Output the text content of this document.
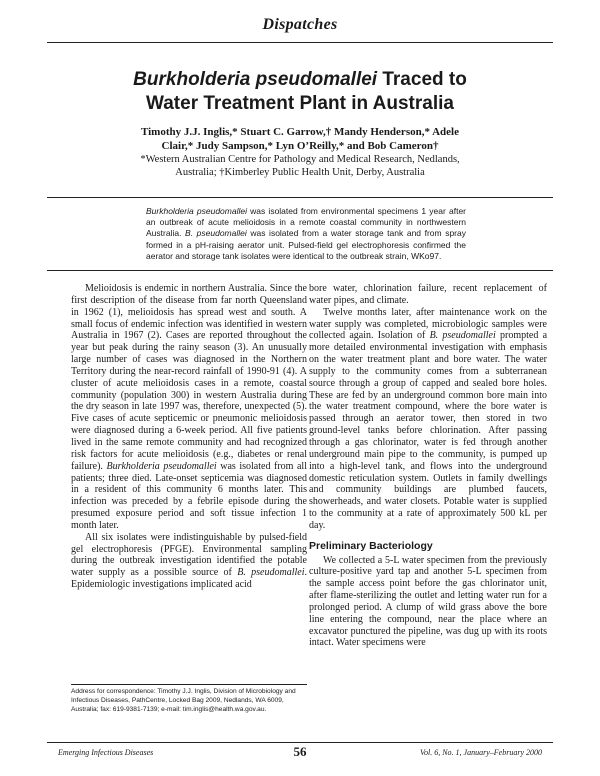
Dispatches
Burkholderia pseudomallei Traced to
Water Treatment Plant in Australia
Timothy J.J. Inglis,* Stuart C. Garrow,† Mandy Henderson,* Adele
Clair,* Judy Sampson,* Lyn O’Reilly,* and Bob Cameron†
*Western Australian Centre for Pathology and Medical Research, Nedlands,
Australia; †Kimberley Public Health Unit, Derby, Australia

Burkholderia pseudomallei was isolated from environmental specimens 1 year after an outbreak of acute melioidosis in a remote coastal community in northwestern Australia. B. pseudomallei was isolated from a water storage tank and from spray formed in a pH-raising aerator unit. Pulsed-field gel electrophoresis confirmed the aerator and storage tank isolates were identical to the outbreak strain, WKo97.

Melioidosis is endemic in northern Australia. Since the first description of the disease from far north Queensland in 1962 (1), melioidosis has spread west and south. A small focus of endemic infection was identified in western Australia in 1967 (2). Cases are reported throughout the year but peak during the rainy season (3). An unusually large number of cases was diagnosed in the Northern Territory during the near-record rainfall of 1990-91 (4). A cluster of acute melioidosis cases in a remote, coastal community (population 300) in western Australia during the dry season in late 1997 was, therefore, unexpected (5). Five cases of acute septicemic or pneumonic melioidosis were diagnosed during a 6-week period. All five patients lived in the same remote community and had recognized risk factors for acute melioidosis (e.g., diabetes or renal failure). Burkholderia pseudomallei was isolated from all patients; three died. Late-onset septicemia was diagnosed in a resident of this community 6 months later. This infection was preceded by a febrile episode during the presumed exposure period and soft tissue infection 1 month later.

All six isolates were indistinguishable by pulsed-field gel electrophoresis (PFGE). Environmental sampling during the outbreak investigation identified the potable water supply as a possible source of B. pseudomallei. Epidemiologic investigations implicated acid

bore water, chlorination failure, recent replacement of water pipes, and climate.

Twelve months later, after maintenance work on the water supply was completed, microbiologic samples were collected again. Isolation of B. pseudomallei prompted a more detailed environmental investigation with emphasis on the water treatment plant and bore water. The water supply to the community comes from a subterranean source through a group of capped and sealed bore holes. These are fed by an underground common bore main into the water treatment compound, where the bore water is passed through an aerator tower, then stored in two ground-level tanks before chlorination. After passing through a gas chlorinator, water is fed through another underground main pipe to the community, is pumped up into a high-level tank, and flows into the underground domestic reticulation system. Outlets in family dwellings and community buildings are plumbed faucets, showerheads, and water closets. Potable water is supplied to the community at a rate of approximately 500 kL per day.

Preliminary Bacteriology

We collected a 5-L water specimen from the previously culture-positive yard tap and another 5-L specimen from the sample access point before the gas chlorinator unit, after flame-sterilizing the outlet and letting water run for a prolonged period. A clump of wild grass above the bore line entering the compound, near the place where an excavator punctured the pipeline, was dug up with its roots intact. Water specimens were

Address for correspondence: Timothy J.J. Inglis, Division of Microbiology and Infectious Diseases, PathCentre, Locked Bag 2009, Nedlands, WA 6009, Australia; fax: 619-9381-7139; e-mail: tim.inglis@health.wa.gov.au.
Emerging Infectious Diseases	56	Vol. 6, No. 1, January–February 2000
